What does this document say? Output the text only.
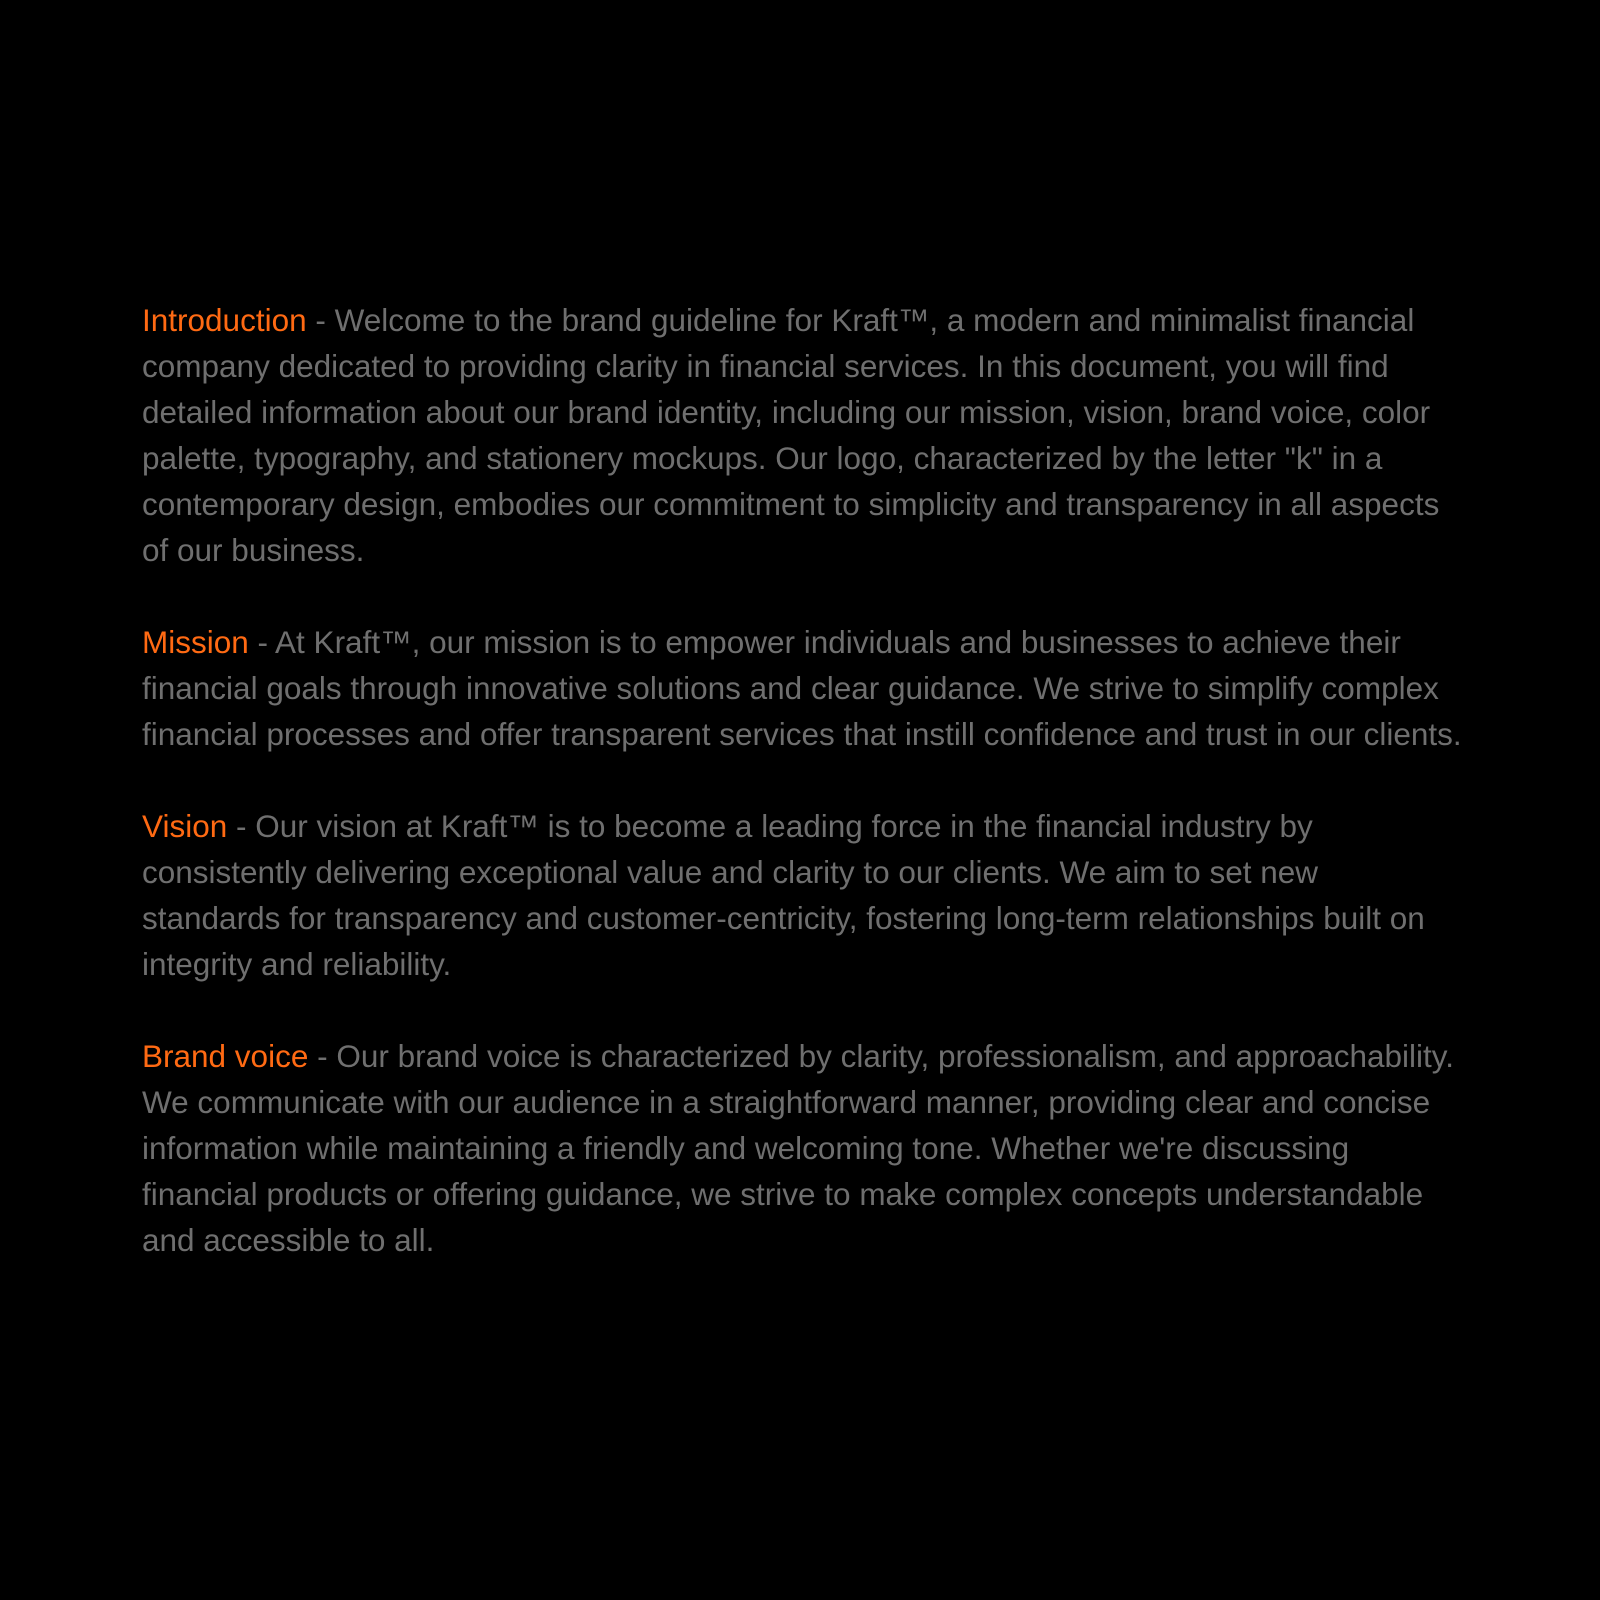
Introduction - Welcome to the brand guideline for Kraft™, a modern and minimalist financial company dedicated to providing clarity in financial services. In this document, you will find detailed information about our brand identity, including our mission, vision, brand voice, color palette, typography, and stationery mockups. Our logo, characterized by the letter "k" in a contemporary design, embodies our commitment to simplicity and transparency in all aspects of our business.

Mission - At Kraft™, our mission is to empower individuals and businesses to achieve their financial goals through innovative solutions and clear guidance. We strive to simplify complex financial processes and offer transparent services that instill confidence and trust in our clients.

Vision - Our vision at Kraft™ is to become a leading force in the financial industry by consistently delivering exceptional value and clarity to our clients. We aim to set new standards for transparency and customer-centricity, fostering long-term relationships built on integrity and reliability.

Brand voice - Our brand voice is characterized by clarity, professionalism, and approachability. We communicate with our audience in a straightforward manner, providing clear and concise information while maintaining a friendly and welcoming tone. Whether we're discussing financial products or offering guidance, we strive to make complex concepts understandable and accessible to all.
